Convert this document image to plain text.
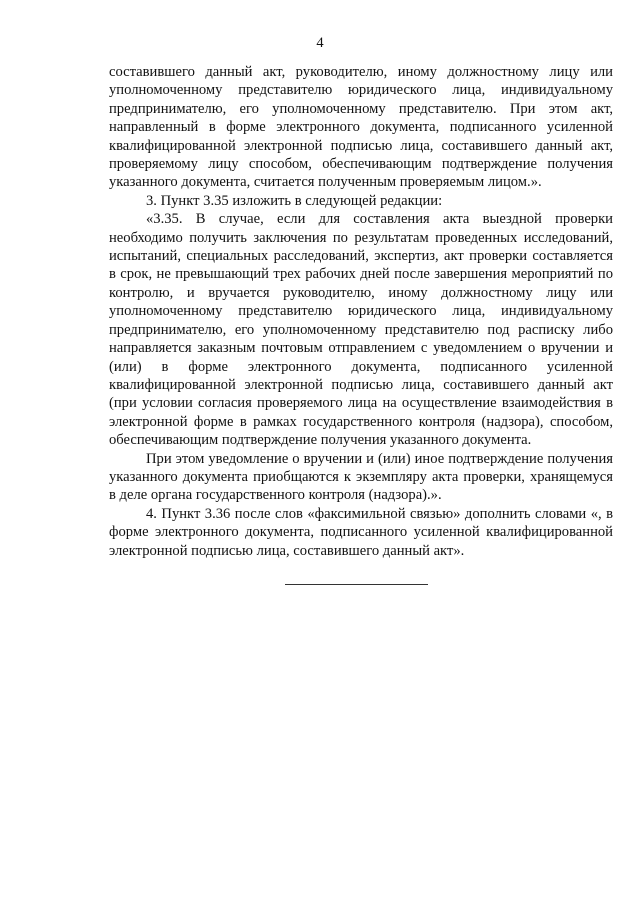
4

составившего данный акт, руководителю, иному должностному лицу или уполномоченному представителю юридического лица, индивидуальному предпринимателю, его уполномоченному представителю. При этом акт, направленный в форме электронного документа, подписанного усиленной квалифицированной электронной подписью лица, составившего данный акт, проверяемому лицу способом, обеспечивающим подтверждение получения указанного документа, считается полученным проверяемым лицом.».

3. Пункт 3.35 изложить в следующей редакции:

«3.35. В случае, если для составления акта выездной проверки необходимо получить заключения по результатам проведенных исследований, испытаний, специальных расследований, экспертиз, акт проверки составляется в срок, не превышающий трех рабочих дней после завершения мероприятий по контролю, и вручается руководителю, иному должностному лицу или уполномоченному представителю юридического лица, индивидуальному предпринимателю, его уполномоченному представителю под расписку либо направляется заказным почтовым отправлением с уведомлением о вручении и (или) в форме электронного документа, подписанного усиленной квалифицированной электронной подписью лица, составившего данный акт (при условии согласия проверяемого лица на осуществление взаимодействия в электронной форме в рамках государственного контроля (надзора), способом, обеспечивающим подтверждение получения указанного документа.

При этом уведомление о вручении и (или) иное подтверждение получения указанного документа приобщаются к экземпляру акта проверки, хранящемуся в деле органа государственного контроля (надзора).».

4. Пункт 3.36 после слов «факсимильной связью» дополнить словами «, в форме электронного документа, подписанного усиленной квалифицированной электронной подписью лица, составившего данный акт».
